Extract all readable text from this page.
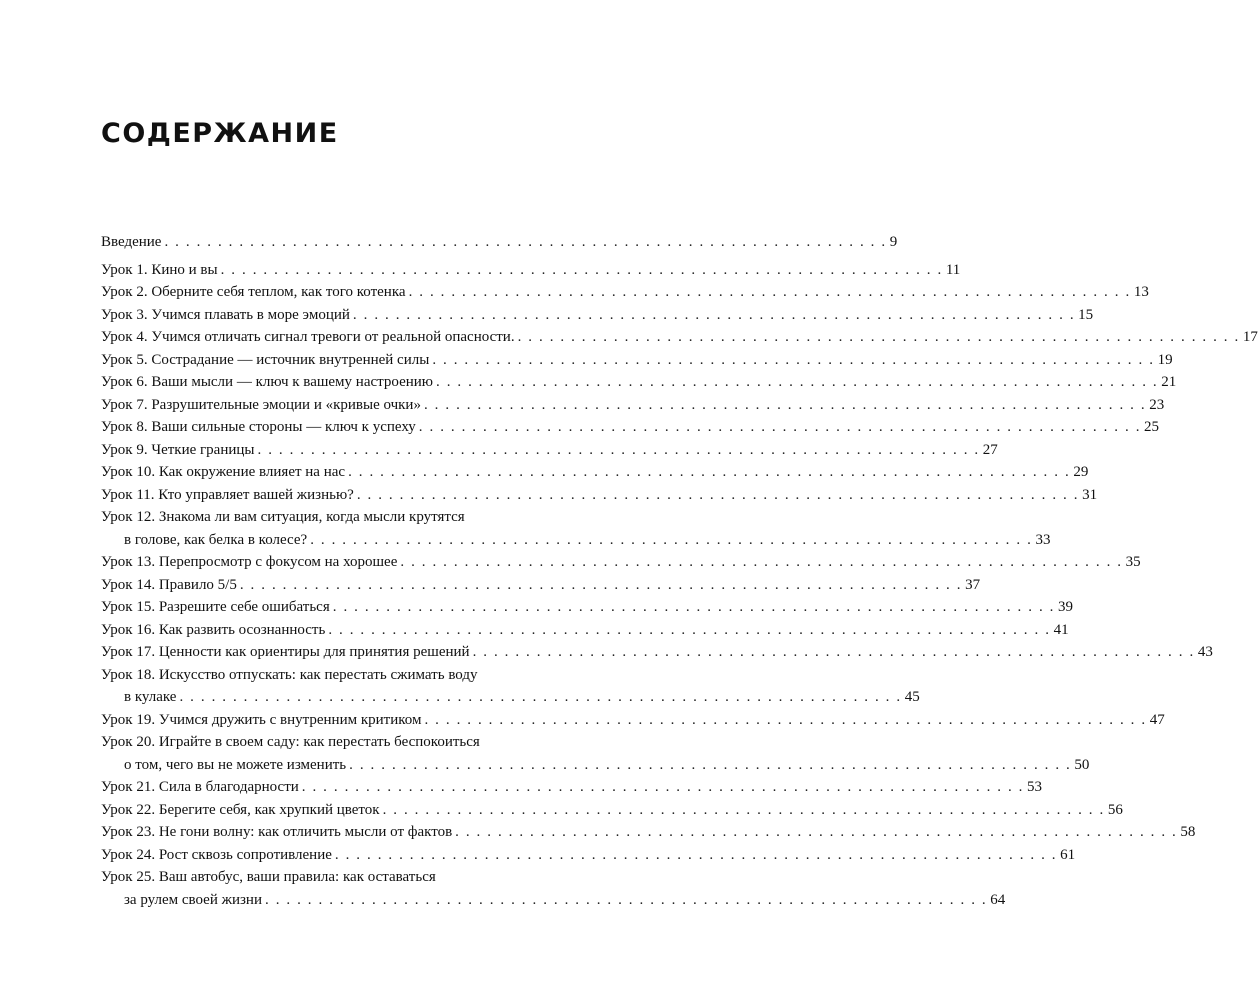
СОДЕРЖАНИЕ
Введение . . . . . . . . . . . . . . . . . . . . . . . . . . . . . . . . . . . . . . . . . . . . . . . . . . . . . . . . . . . . . . . . . . . . 9
Урок 1. Кино и вы . . . . . . . . . . . . . . . . . . . . . . . . . . . . . . . . . . . . . . . . . . . . . . . . . . . . . . . . . . . . . . . . . . . . 11
Урок 2. Оберните себя теплом, как того котенка . . . . . . . . . . . . . . . . . . . . . . . . . . . . . . . . . . . . . . . . . . . . . . . . . . . . . . . . . . . . . . . . . . . . 13
Урок 3. Учимся плавать в море эмоций . . . . . . . . . . . . . . . . . . . . . . . . . . . . . . . . . . . . . . . . . . . . . . . . . . . . . . . . . . . . . . . . . . . . 15
Урок 4. Учимся отличать сигнал тревоги от реальной опасности. . . . . . . . . . . . . . . . . . . . . . . . . . . . . . . . . . . . . . . . . . . . . . . . . . . . . . . . . . . . . . . . . . . . . 17
Урок 5. Сострадание — источник внутренней силы . . . . . . . . . . . . . . . . . . . . . . . . . . . . . . . . . . . . . . . . . . . . . . . . . . . . . . . . . . . . . . . . . . . . 19
Урок 6. Ваши мысли — ключ к вашему настроению . . . . . . . . . . . . . . . . . . . . . . . . . . . . . . . . . . . . . . . . . . . . . . . . . . . . . . . . . . . . . . . . . . . . 21
Урок 7. Разрушительные эмоции и «кривые очки» . . . . . . . . . . . . . . . . . . . . . . . . . . . . . . . . . . . . . . . . . . . . . . . . . . . . . . . . . . . . . . . . . . . . 23
Урок 8. Ваши сильные стороны — ключ к успеху . . . . . . . . . . . . . . . . . . . . . . . . . . . . . . . . . . . . . . . . . . . . . . . . . . . . . . . . . . . . . . . . . . . . 25
Урок 9. Четкие границы . . . . . . . . . . . . . . . . . . . . . . . . . . . . . . . . . . . . . . . . . . . . . . . . . . . . . . . . . . . . . . . . . . . . 27
Урок 10. Как окружение влияет на нас . . . . . . . . . . . . . . . . . . . . . . . . . . . . . . . . . . . . . . . . . . . . . . . . . . . . . . . . . . . . . . . . . . . . 29
Урок 11. Кто управляет вашей жизнью? . . . . . . . . . . . . . . . . . . . . . . . . . . . . . . . . . . . . . . . . . . . . . . . . . . . . . . . . . . . . . . . . . . . . 31
Урок 12. Знакома ли вам ситуация, когда мысли крутятся
в голове, как белка в колесе? . . . . . . . . . . . . . . . . . . . . . . . . . . . . . . . . . . . . . . . . . . . . . . . . . . . . . . . . . . . . . . . . . . . . 33
Урок 13. Перепросмотр с фокусом на хорошее . . . . . . . . . . . . . . . . . . . . . . . . . . . . . . . . . . . . . . . . . . . . . . . . . . . . . . . . . . . . . . . . . . . . 35
Урок 14. Правило 5/5 . . . . . . . . . . . . . . . . . . . . . . . . . . . . . . . . . . . . . . . . . . . . . . . . . . . . . . . . . . . . . . . . . . . . 37
Урок 15. Разрешите себе ошибаться . . . . . . . . . . . . . . . . . . . . . . . . . . . . . . . . . . . . . . . . . . . . . . . . . . . . . . . . . . . . . . . . . . . . 39
Урок 16. Как развить осознанность . . . . . . . . . . . . . . . . . . . . . . . . . . . . . . . . . . . . . . . . . . . . . . . . . . . . . . . . . . . . . . . . . . . . 41
Урок 17. Ценности как ориентиры для принятия решений . . . . . . . . . . . . . . . . . . . . . . . . . . . . . . . . . . . . . . . . . . . . . . . . . . . . . . . . . . . . . . . . . . . . 43
Урок 18. Искусство отпускать: как перестать сжимать воду
в кулаке . . . . . . . . . . . . . . . . . . . . . . . . . . . . . . . . . . . . . . . . . . . . . . . . . . . . . . . . . . . . . . . . . . . . 45
Урок 19. Учимся дружить с внутренним критиком . . . . . . . . . . . . . . . . . . . . . . . . . . . . . . . . . . . . . . . . . . . . . . . . . . . . . . . . . . . . . . . . . . . . 47
Урок 20. Играйте в своем саду: как перестать беспокоиться
о том, чего вы не можете изменить . . . . . . . . . . . . . . . . . . . . . . . . . . . . . . . . . . . . . . . . . . . . . . . . . . . . . . . . . . . . . . . . . . . . 50
Урок 21. Сила в благодарности . . . . . . . . . . . . . . . . . . . . . . . . . . . . . . . . . . . . . . . . . . . . . . . . . . . . . . . . . . . . . . . . . . . . 53
Урок 22. Берегите себя, как хрупкий цветок . . . . . . . . . . . . . . . . . . . . . . . . . . . . . . . . . . . . . . . . . . . . . . . . . . . . . . . . . . . . . . . . . . . . 56
Урок 23. Не гони волну: как отличить мысли от фактов . . . . . . . . . . . . . . . . . . . . . . . . . . . . . . . . . . . . . . . . . . . . . . . . . . . . . . . . . . . . . . . . . . . . 58
Урок 24. Рост сквозь сопротивление . . . . . . . . . . . . . . . . . . . . . . . . . . . . . . . . . . . . . . . . . . . . . . . . . . . . . . . . . . . . . . . . . . . . 61
Урок 25. Ваш автобус, ваши правила: как оставаться
за рулем своей жизни . . . . . . . . . . . . . . . . . . . . . . . . . . . . . . . . . . . . . . . . . . . . . . . . . . . . . . . . . . . . . . . . . . . . 64
